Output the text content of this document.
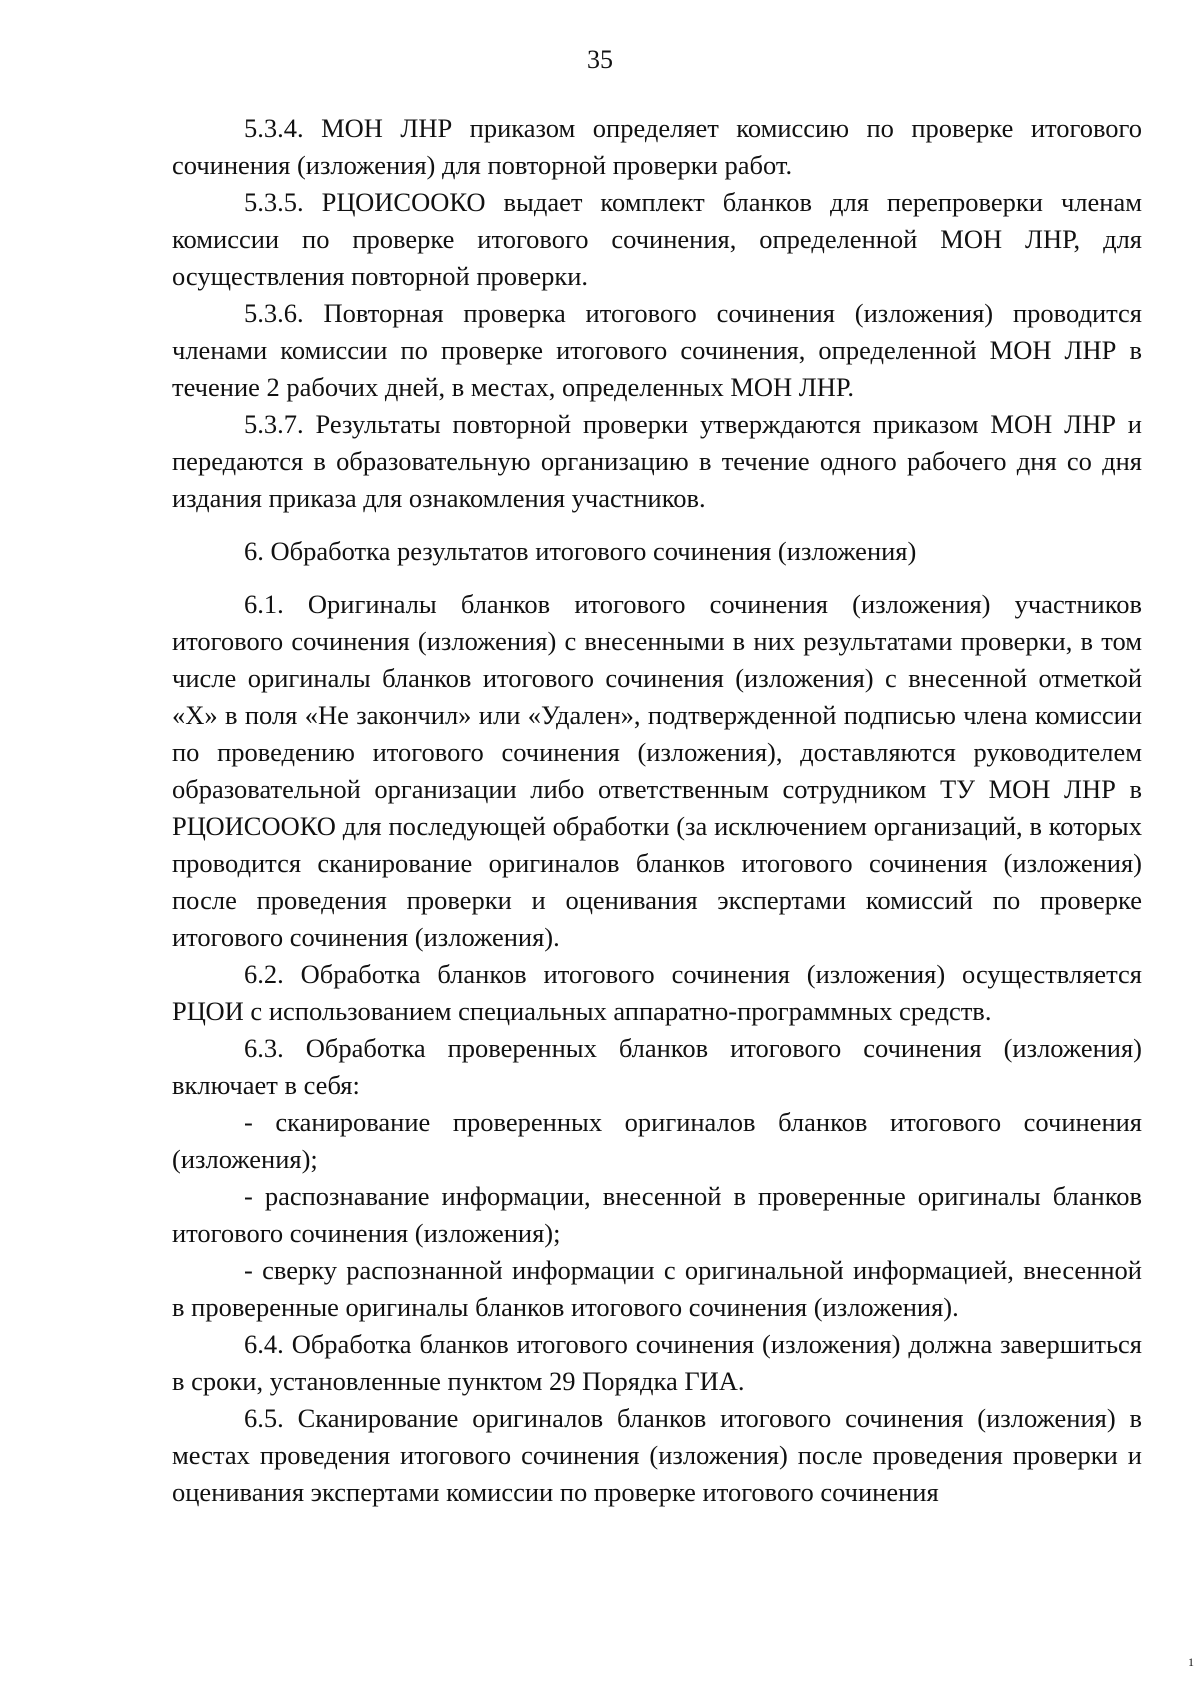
35

5.3.4. МОН ЛНР приказом определяет комиссию по проверке итогового сочинения (изложения) для повторной проверки работ.

5.3.5. РЦОИСООКО выдает комплект бланков для перепроверки членам комиссии по проверке итогового сочинения, определенной МОН ЛНР, для осуществления повторной проверки.

5.3.6. Повторная проверка итогового сочинения (изложения) проводится членами комиссии по проверке итогового сочинения, определенной МОН ЛНР в течение 2 рабочих дней, в местах, определенных МОН ЛНР.

5.3.7. Результаты повторной проверки утверждаются приказом МОН ЛНР и передаются в образовательную организацию в течение одного рабочего дня со дня издания приказа для ознакомления участников.

6. Обработка результатов итогового сочинения (изложения)

6.1. Оригиналы бланков итогового сочинения (изложения) участников итогового сочинения (изложения) с внесенными в них результатами проверки, в том числе оригиналы бланков итогового сочинения (изложения) с внесенной отметкой «Х» в поля «Не закончил» или «Удален», подтвержденной подписью члена комиссии по проведению итогового сочинения (изложения), доставляются руководителем образовательной организации либо ответственным сотрудником ТУ МОН ЛНР в РЦОИСООКО для последующей обработки (за исключением организаций, в которых проводится сканирование оригиналов бланков итогового сочинения (изложения) после проведения проверки и оценивания экспертами комиссий по проверке итогового сочинения (изложения).

6.2. Обработка бланков итогового сочинения (изложения) осуществляется РЦОИ с использованием специальных аппаратно-программных средств.

6.3. Обработка проверенных бланков итогового сочинения (изложения) включает в себя:

- сканирование проверенных оригиналов бланков итогового сочинения (изложения);

- распознавание информации, внесенной в проверенные оригиналы бланков итогового сочинения (изложения);

- сверку распознанной информации с оригинальной информацией, внесенной в проверенные оригиналы бланков итогового сочинения (изложения).

6.4. Обработка бланков итогового сочинения (изложения) должна завершиться в сроки, установленные пунктом 29 Порядка ГИА.

6.5. Сканирование оригиналов бланков итогового сочинения (изложения) в местах проведения итогового сочинения (изложения) после проведения проверки и оценивания экспертами комиссии по проверке итогового сочинения

1
